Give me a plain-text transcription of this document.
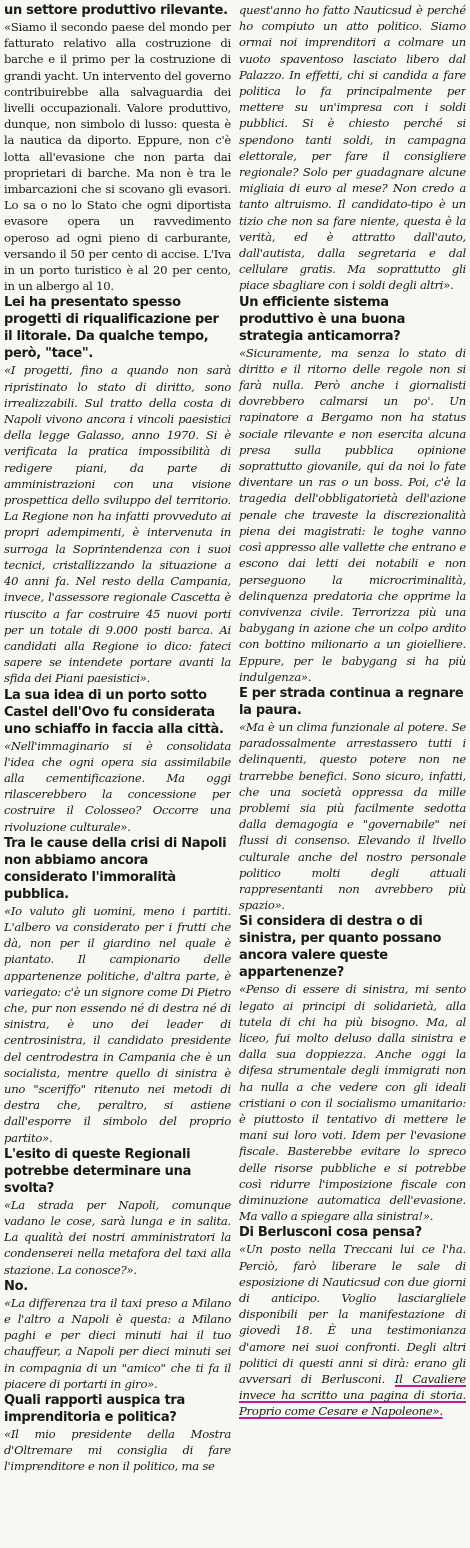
un settore produttivo rilevante.

«Siamo il secondo paese del mondo per fatturato relativo alla costruzione di barche e il primo per la costruzione di grandi yacht. Un intervento del governo contribuirebbe alla salvaguardia dei livelli occupazionali. Valore produttivo, dunque, non simbolo di lusso: questa è la nautica da diporto. Eppure, non c'è lotta all'evasione che non parta dai proprietari di barche. Ma non è tra le imbarcazioni che si scovano gli evasori. Lo sa o no lo Stato che ogni diportista evasore opera un ravvedimento operoso ad ogni pieno di carburante, versando il 50 per cento di accise. L'Iva in un porto turistico è al 20 per cento, in un albergo al 10.

Lei ha presentato spesso progetti di riqualificazione per il litorale. Da qualche tempo, però, "tace".

«I progetti, fino a quando non sarà ripristinato lo stato di diritto, sono irrealizzabili. Sul tratto della costa di Napoli vivono ancora i vincoli paesistici della legge Galasso, anno 1970. Si è verificata la pratica impossibilità di redigere piani, da parte di amministrazioni con una visione prospettica dello sviluppo del territorio. La Regione non ha infatti provveduto ai propri adempimenti, è intervenuta in surroga la Soprintendenza con i suoi tecnici, cristallizzando la situazione a 40 anni fa. Nel resto della Campania, invece, l'assessore regionale Cascetta è riuscito a far costruire 45 nuovi porti per un totale di 9.000 posti barca. Ai candidati alla Regione io dico: fateci sapere se intendete portare avanti la sfida dei Piani paesistici».

La sua idea di un porto sotto Castel dell'Ovo fu considerata uno schiaffo in faccia alla città.

«Nell'immaginario si è consolidata l'idea che ogni opera sia assimilabile alla cementificazione. Ma oggi rilascerebbero la concessione per costruire il Colosseo? Occorre una rivoluzione culturale».

Tra le cause della crisi di Napoli non abbiamo ancora considerato l'immoralità pubblica.

«Io valuto gli uomini, meno i partiti. L'albero va considerato per i frutti che dà, non per il giardino nel quale è piantato. Il campionario delle appartenenze politiche, d'altra parte, è variegato: c'è un signore come Di Pietro che, pur non essendo né di destra né di sinistra, è uno dei leader di centrosinistra, il candidato presidente del centrodestra in Campania che è un socialista, mentre quello di sinistra è uno "sceriffo" ritenuto nei metodi di destra che, peraltro, si astiene dall'esporre il simbolo del proprio partito».

L'esito di queste Regionali potrebbe determinare una svolta?

«La strada per Napoli, comunque vadano le cose, sarà lunga e in salita. La qualità dei nostri amministratori la condenserei nella metafora del taxi alla stazione. La conosce?».

No.

«La differenza tra il taxi preso a Milano e l'altro a Napoli è questa: a Milano paghi e per dieci minuti hai il tuo chauffeur, a Napoli per dieci minuti sei in compagnia di un "amico" che ti fa il piacere di portarti in giro».

Quali rapporti auspica tra imprenditoria e politica?

«Il mio presidente della Mostra d'Oltremare mi consiglia di fare l'imprenditore e non il politico, ma se

quest'anno ho fatto Nauticsud è perché ho compiuto un atto politico. Siamo ormai noi imprenditori a colmare un vuoto spaventoso lasciato libero dal Palazzo. In effetti, chi si candida a fare politica lo fa principalmente per mettere su un'impresa con i soldi pubblici. Si è chiesto perché si spendono tanti soldi, in campagna elettorale, per fare il consigliere regionale? Solo per guadagnare alcune migliaia di euro al mese? Non credo a tanto altruismo. Il candidato-tipo è un tizio che non sa fare niente, questa è la verità, ed è attratto dall'auto, dall'autista, dalla segretaria e dal cellulare gratis. Ma soprattutto gli piace sbagliare con i soldi degli altri».

Un efficiente sistema produttivo è una buona strategia anticamorra?

«Sicuramente, ma senza lo stato di diritto e il ritorno delle regole non si farà nulla. Però anche i giornalisti dovrebbero calmarsi un po'. Un rapinatore a Bergamo non ha status sociale rilevante e non esercita alcuna presa sulla pubblica opinione soprattutto giovanile, qui da noi lo fate diventare un ras o un boss. Poi, c'è la tragedia dell'obbligatorietà dell'azione penale che traveste la discrezionalità piena dei magistrati: le toghe vanno così appresso alle vallette che entrano e escono dai letti dei notabili e non perseguono la microcriminalità, delinquenza predatoria che opprime la convivenza civile. Terrorizza più una babygang in azione che un colpo ardito con bottino milionario a un gioielliere. Eppure, per le babygang si ha più indulgenza».

E per strada continua a regnare la paura.

«Ma è un clima funzionale al potere. Se paradossalmente arrestassero tutti i delinquenti, questo potere non ne trarrebbe benefici. Sono sicuro, infatti, che una società oppressa da mille problemi sia più facilmente sedotta dalla demagogia e "governabile" nei flussi di consenso. Elevando il livello culturale anche del nostro personale politico molti degli attuali rappresentanti non avrebbero più spazio».

Si considera di destra o di sinistra, per quanto possano ancora valere queste appartenenze?

«Penso di essere di sinistra, mi sento legato ai principi di solidarietà, alla tutela di chi ha più bisogno. Ma, al liceo, fui molto deluso dalla sinistra e dalla sua doppiezza. Anche oggi la difesa strumentale degli immigrati non ha nulla a che vedere con gli ideali cristiani o con il socialismo umanitario: è piuttosto il tentativo di mettere le mani sui loro voti. Idem per l'evasione fiscale. Basterebbe evitare lo spreco delle risorse pubbliche e si potrebbe così ridurre l'imposizione fiscale con diminuzione automatica dell'evasione. Ma vallo a spiegare alla sinistra!».

Di Berlusconi cosa pensa?

«Un posto nella Treccani lui ce l'ha. Perciò, farò liberare le sale di esposizione di Nauticsud con due giorni di anticipo. Voglio lasciargliele disponibili per la manifestazione di giovedì 18. È una testimonianza d'amore nei suoi confronti. Degli altri politici di questi anni si dirà: erano gli avversari di Berlusconi. Il Cavaliere invece ha scritto una pagina di storia. Proprio come Cesare e Napoleone».
